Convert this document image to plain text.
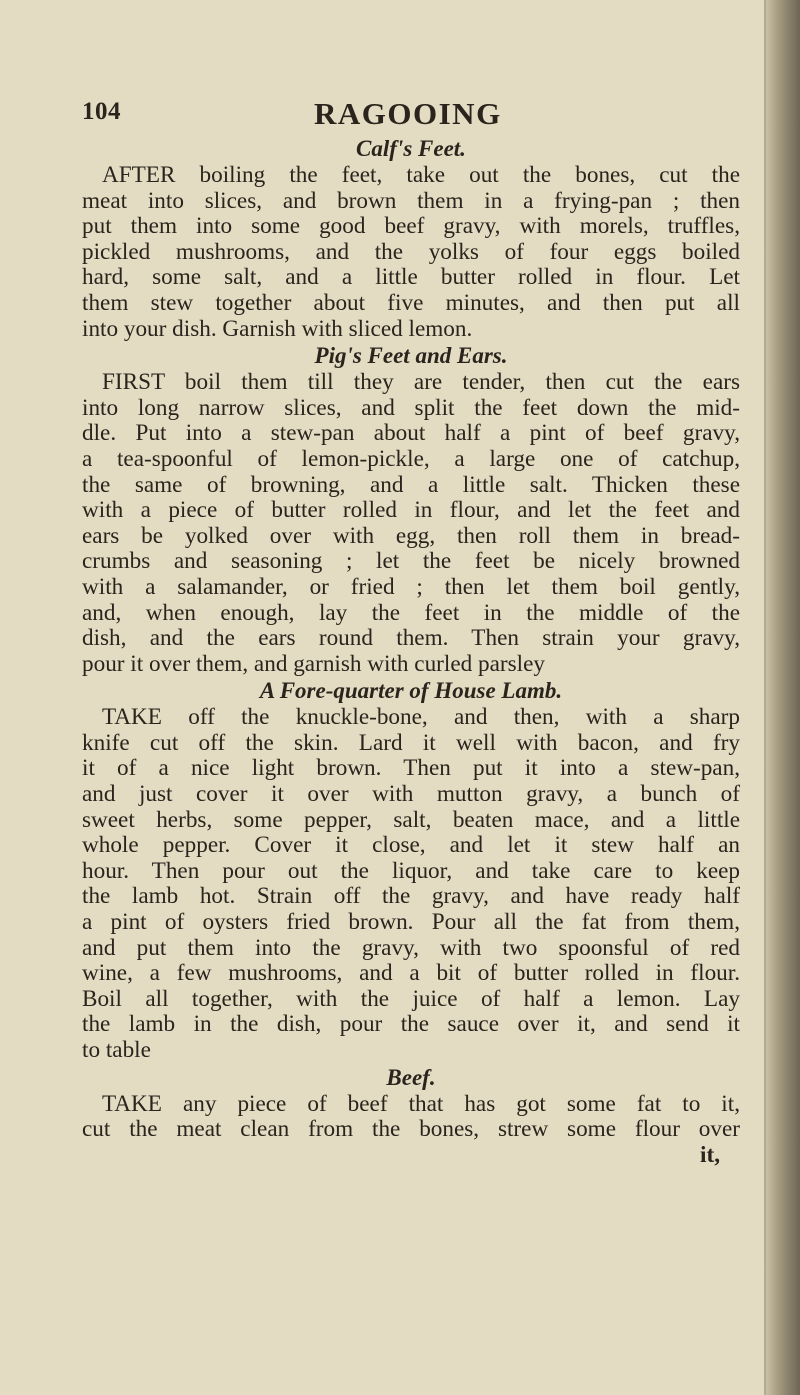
104	RAGOOING
Calf's Feet.
AFTER boiling the feet, take out the bones, cut the
meat into slices, and brown them in a frying-pan ; then
put them into some good beef gravy, with morels, truffles,
pickled mushrooms, and the yolks of four eggs boiled
hard, some salt, and a little butter rolled in flour. Let
them stew together about five minutes, and then put all
into your dish. Garnish with sliced lemon.
Pig's Feet and Ears.
FIRST boil them till they are tender, then cut the ears
into long narrow slices, and split the feet down the mid-
dle. Put into a stew-pan about half a pint of beef gravy,
a tea-spoonful of lemon-pickle, a large one of catchup,
the same of browning, and a little salt. Thicken these
with a piece of butter rolled in flour, and let the feet and
ears be yolked over with egg, then roll them in bread-
crumbs and seasoning ; let the feet be nicely browned
with a salamander, or fried ; then let them boil gently,
and, when enough, lay the feet in the middle of the
dish, and the ears round them. Then strain your gravy,
pour it over them, and garnish with curled parsley
A Fore-quarter of House Lamb.
TAKE off the knuckle-bone, and then, with a sharp
knife cut off the skin. Lard it well with bacon, and fry
it of a nice light brown. Then put it into a stew-pan,
and just cover it over with mutton gravy, a bunch of
sweet herbs, some pepper, salt, beaten mace, and a little
whole pepper. Cover it close, and let it stew half an
hour. Then pour out the liquor, and take care to keep
the lamb hot. Strain off the gravy, and have ready half
a pint of oysters fried brown. Pour all the fat from them,
and put them into the gravy, with two spoonsful of red
wine, a few mushrooms, and a bit of butter rolled in flour.
Boil all together, with the juice of half a lemon. Lay
the lamb in the dish, pour the sauce over it, and send it
to table
Beef.
TAKE any piece of beef that has got some fat to it,
cut the meat clean from the bones, strew some flour over
it,
